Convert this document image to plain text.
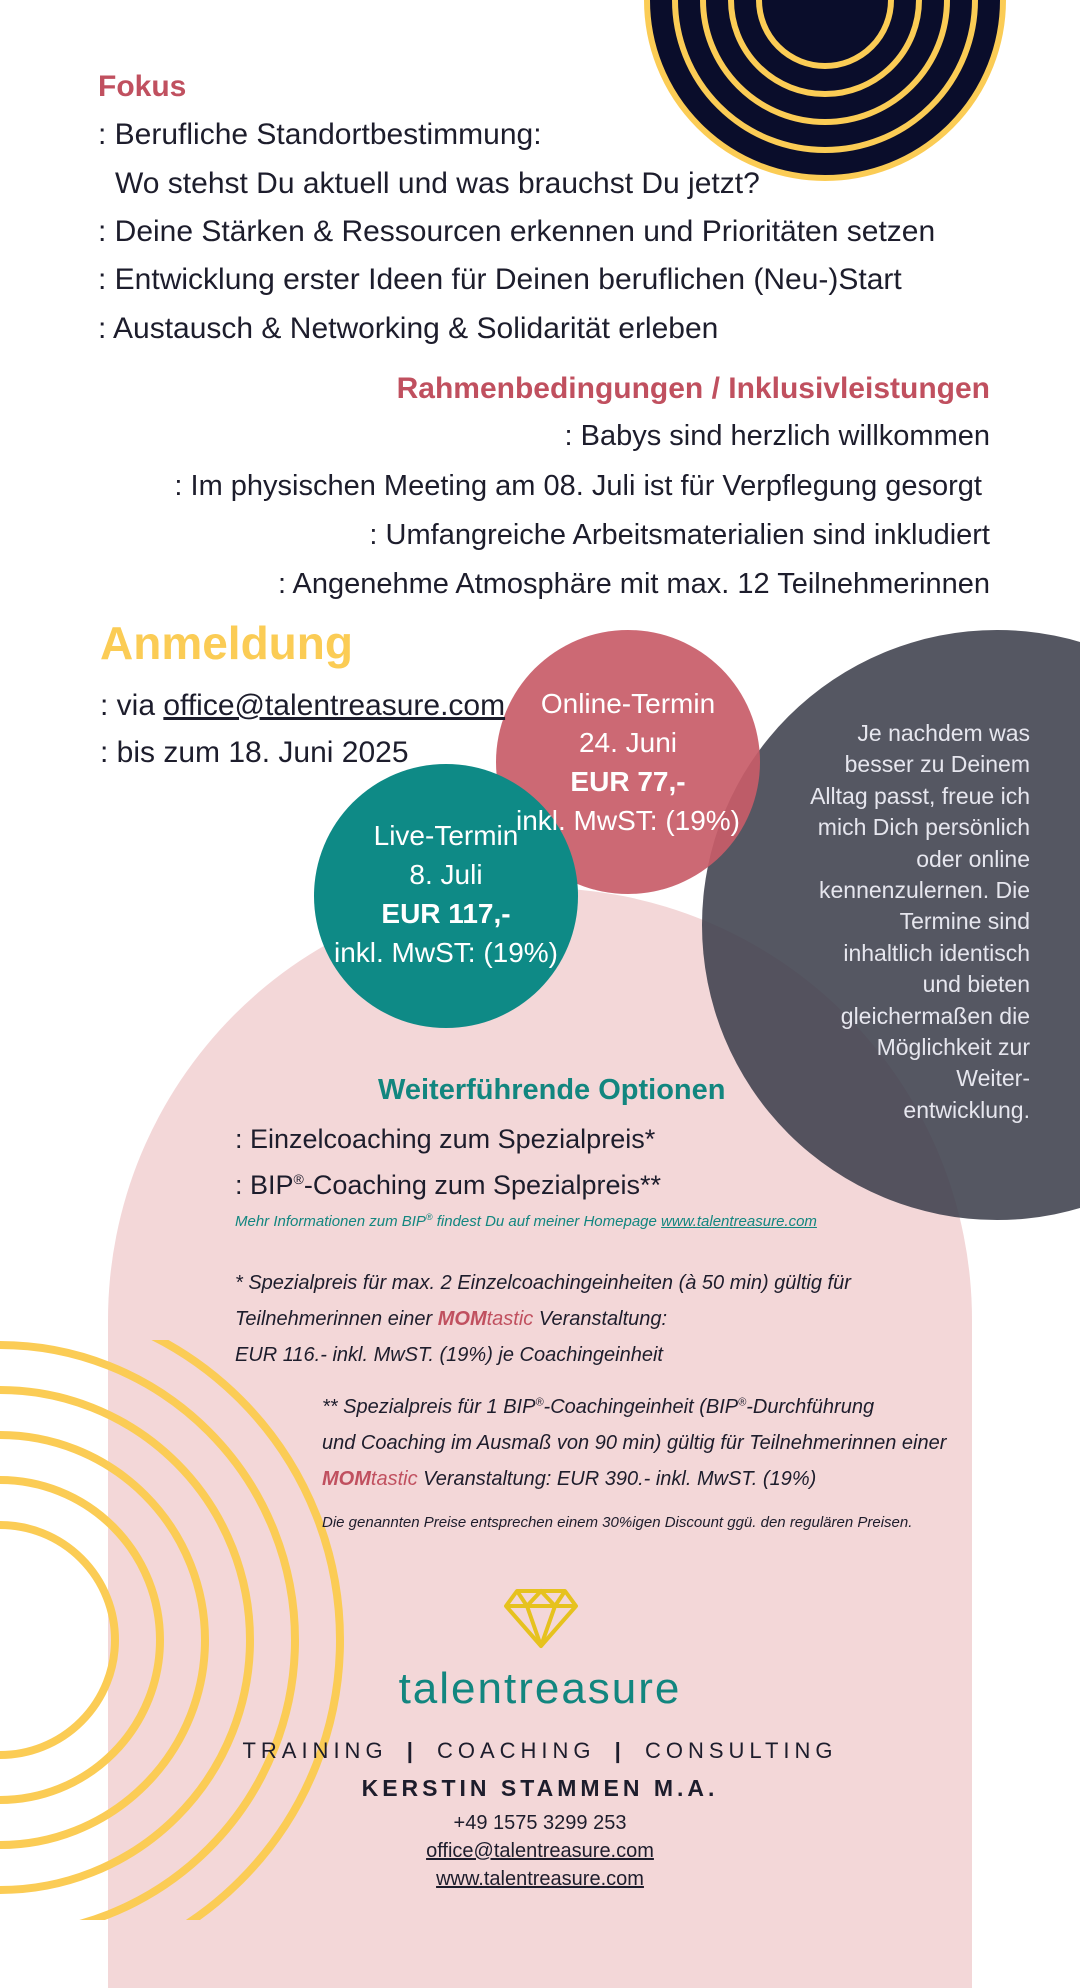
Fokus
: Berufliche Standortbestimmung:
Wo stehst Du aktuell und was brauchst Du jetzt?
: Deine Stärken & Ressourcen erkennen und Prioritäten setzen
: Entwicklung erster Ideen für Deinen beruflichen (Neu-)Start
: Austausch & Networking & Solidarität erleben
Rahmenbedingungen / Inklusivleistungen
: Babys sind herzlich willkommen
: Im physischen Meeting am 08. Juli ist für Verpflegung gesorgt
: Umfangreiche Arbeitsmaterialien sind inkludiert
: Angenehme Atmosphäre mit max. 12 Teilnehmerinnen
Anmeldung
: via office@talentreasure.com
: bis zum 18. Juni 2025
Online-Termin
24. Juni
EUR 77,-
inkl. MwST: (19%)
Live-Termin
8. Juli
EUR 117,-
inkl. MwST: (19%)
Je nachdem was
besser zu Deinem
Alltag passt, freue ich
mich Dich persönlich
oder online
kennenzulernen. Die
Termine sind
inhaltlich identisch
und bieten
gleichermaßen die
Möglichkeit zur
Weiter-
entwicklung.
Weiterführende Optionen
: Einzelcoaching zum Spezialpreis*
: BIP®-Coaching zum Spezialpreis**
Mehr Informationen zum BIP® findest Du auf meiner Homepage www.talentreasure.com
* Spezialpreis für max. 2 Einzelcoachingeinheiten (à 50 min) gültig für
Teilnehmerinnen einer MOMtastic Veranstaltung:
EUR 116.- inkl. MwST. (19%) je Coachingeinheit
** Spezialpreis für 1 BIP®-Coachingeinheit (BIP®-Durchführung
und Coaching im Ausmaß von 90 min) gültig für Teilnehmerinnen einer
MOMtastic Veranstaltung: EUR 390.- inkl. MwST. (19%)
Die genannten Preise entsprechen einem 30%igen Discount ggü. den regulären Preisen.
talentreasure
TRAINING | COACHING | CONSULTING
KERSTIN STAMMEN M.A.
+49 1575 3299 253
office@talentreasure.com
www.talentreasure.com
